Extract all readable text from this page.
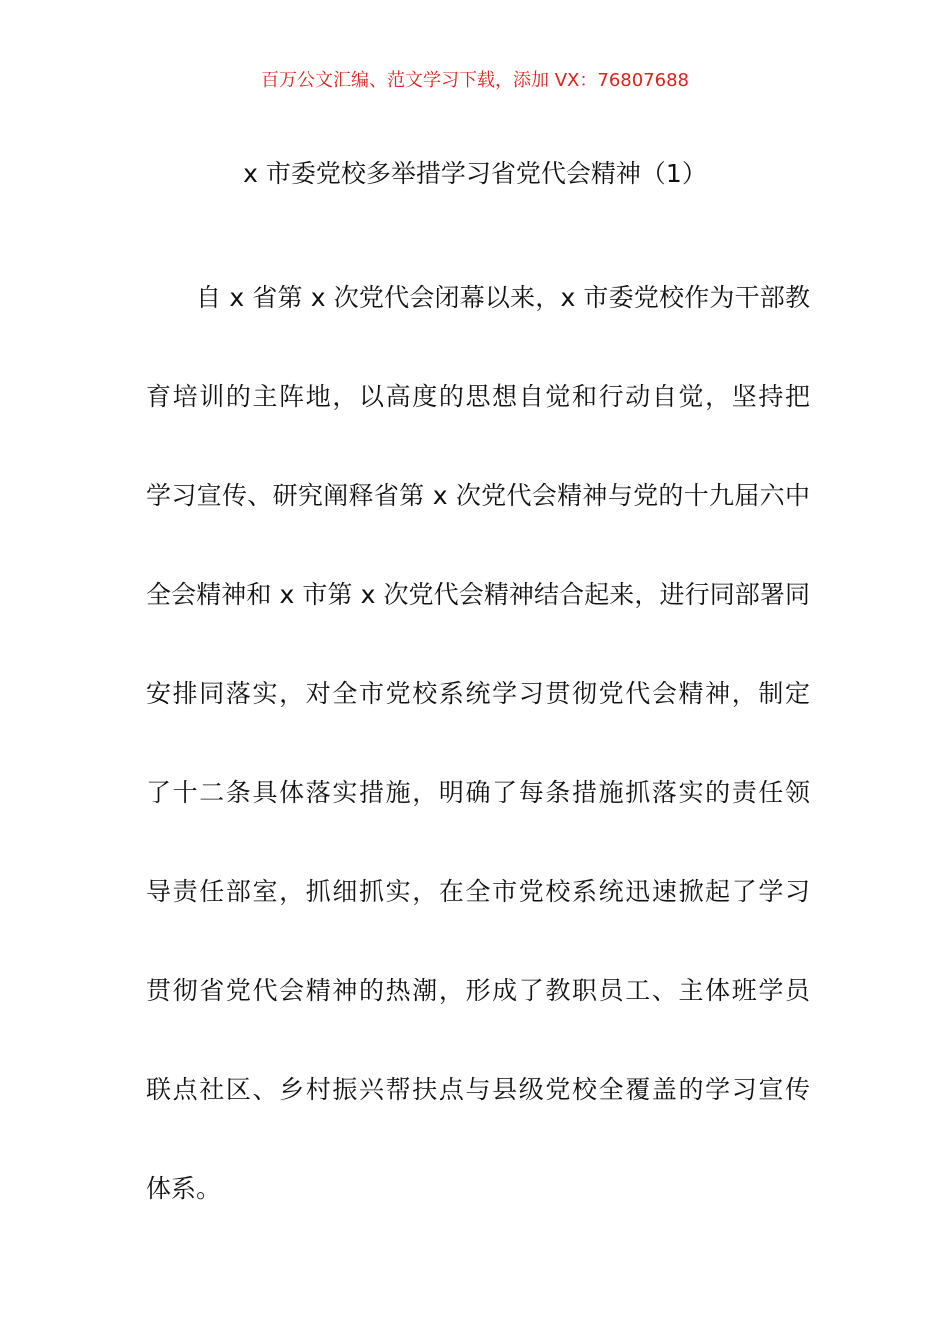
百万公文汇编、范文学习下载，添加 VX：76807688
x 市委党校多举措学习省党代会精神（1）
自 x 省第 x 次党代会闭幕以来，x 市委党校作为干部教
育培训的主阵地，以高度的思想自觉和行动自觉，坚持把
学习宣传、研究阐释省第 x 次党代会精神与党的十九届六中
全会精神和 x 市第 x 次党代会精神结合起来，进行同部署同
安排同落实，对全市党校系统学习贯彻党代会精神，制定
了十二条具体落实措施，明确了每条措施抓落实的责任领
导责任部室，抓细抓实，在全市党校系统迅速掀起了学习
贯彻省党代会精神的热潮，形成了教职员工、主体班学员
联点社区、乡村振兴帮扶点与县级党校全覆盖的学习宣传
体系。
